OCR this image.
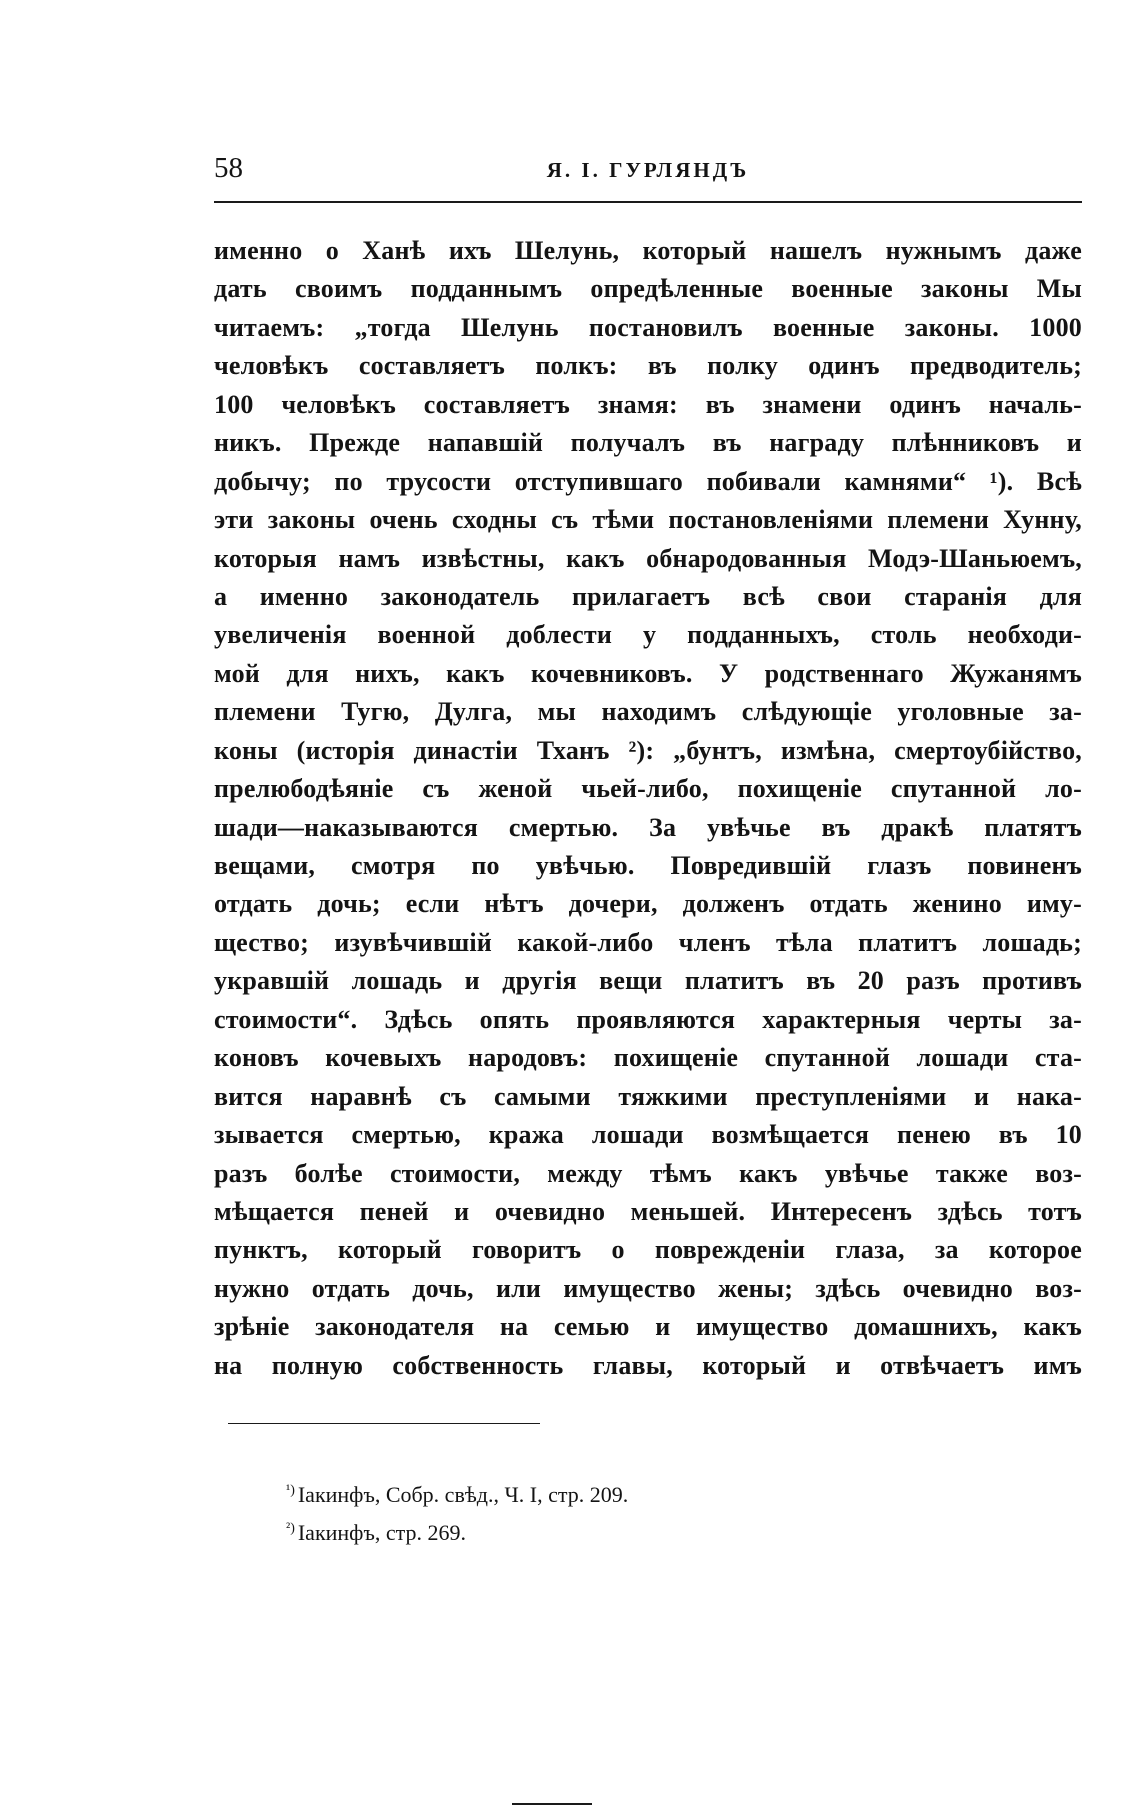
58	Я. І. ГУРЛЯНДЪ
именно о Ханѣ ихъ Шелунь, который нашелъ нужнымъ даже
дать своимъ подданнымъ опредѣленные военные законы Мы
читаемъ: „тогда Шелунь постановилъ военные законы. 1000
человѣкъ составляетъ полкъ: въ полку одинъ предводитель;
100 человѣкъ составляетъ знамя: въ знамени одинъ началь-
никъ. Прежде напавшій получалъ въ награду плѣнниковъ и
добычу; по трусости отступившаго побивали камнями“ ¹). Всѣ
эти законы очень сходны съ тѣми постановленіями племени Хунну,
которыя намъ извѣстны, какъ обнародованныя Модэ-Шаньюемъ,
а именно законодатель прилагаетъ всѣ свои старанія для
увеличенія военной доблести у подданныхъ, столь необходи-
мой для нихъ, какъ кочевниковъ. У родственнаго Жужанямъ
племени Тугю, Дулга, мы находимъ слѣдующіе уголовные за-
коны (исторія династіи Тханъ ²): „бунтъ, измѣна, смертоубійство,
прелюбодѣяніе съ женой чьей-либо, похищеніе спутанной ло-
шади—наказываются смертью. За увѣчье въ дракѣ платятъ
вещами, смотря по увѣчью. Повредившій глазъ повиненъ
отдать дочь; если нѣтъ дочери, долженъ отдать женино иму-
щество; изувѣчившій какой-либо членъ тѣла платитъ лошадь;
укравшій лошадь и другія вещи платитъ въ 20 разъ противъ
стоимости“. Здѣсь опять проявляются характерныя черты за-
коновъ кочевыхъ народовъ: похищеніе спутанной лошади ста-
вится наравнѣ съ самыми тяжкими преступленіями и нака-
зывается смертью, кража лошади возмѣщается пенею въ 10
разъ болѣе стоимости, между тѣмъ какъ увѣчье также воз-
мѣщается пеней и очевидно меньшей. Интересенъ здѣсь тотъ
пунктъ, который говоритъ о поврежденіи глаза, за которое
нужно отдать дочь, или имущество жены; здѣсь очевидно воз-
зрѣніе законодателя на семью и имущество домашнихъ, какъ
на полную собственность главы, который и отвѣчаетъ имъ
$^{^1)}$ Іакинфъ, Собр. свѣд., Ч. I, стр. 209.
$^{^2)}$ Іакинфъ, стр. 269.
